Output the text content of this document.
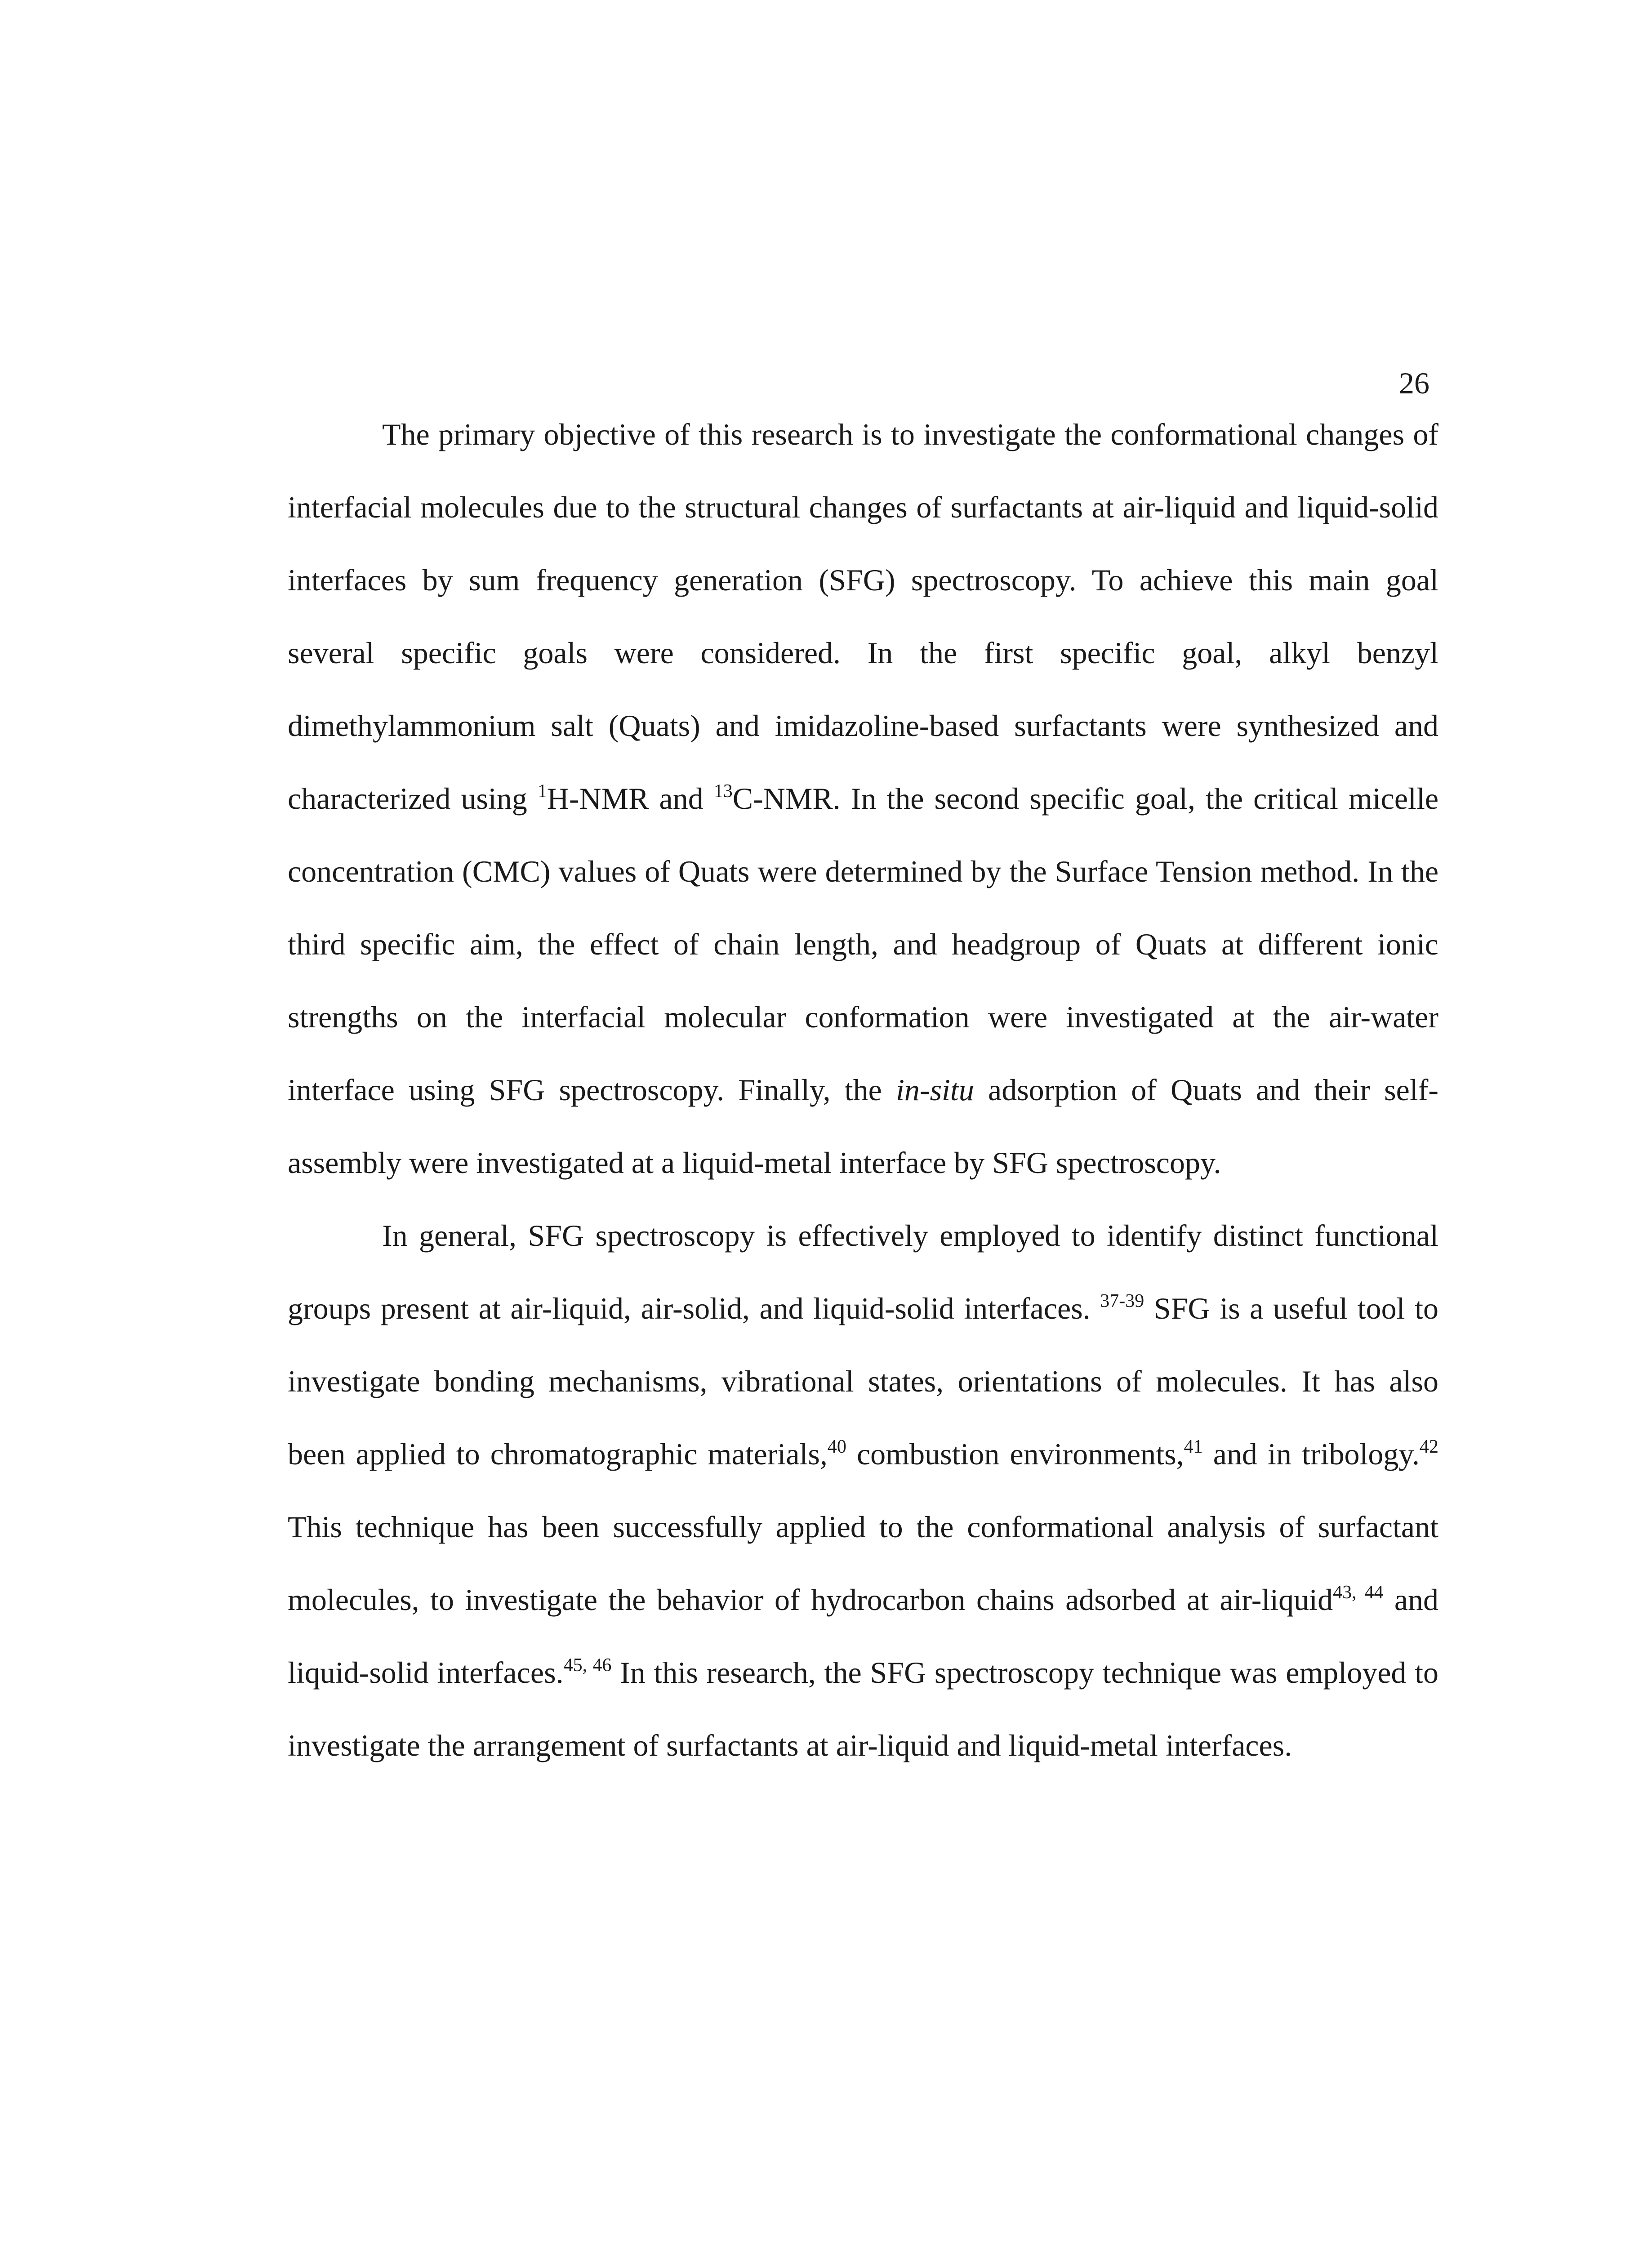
26

The primary objective of this research is to investigate the conformational changes of interfacial molecules due to the structural changes of surfactants at air-liquid and liquid-solid interfaces by sum frequency generation (SFG) spectroscopy. To achieve this main goal several specific goals were considered. In the first specific goal, alkyl benzyl dimethylammonium salt (Quats) and imidazoline-based surfactants were synthesized and characterized using $^1$H-NMR and $^{13}$C-NMR. In the second specific goal, the critical micelle concentration (CMC) values of Quats were determined by the Surface Tension method. In the third specific aim, the effect of chain length, and headgroup of Quats at different ionic strengths on the interfacial molecular conformation were investigated at the air-water interface using SFG spectroscopy. Finally, the in-situ adsorption of Quats and their self-assembly were investigated at a liquid-metal interface by SFG spectroscopy.

In general, SFG spectroscopy is effectively employed to identify distinct functional groups present at air-liquid, air-solid, and liquid-solid interfaces. $^{37-39}$ SFG is a useful tool to investigate bonding mechanisms, vibrational states, orientations of molecules. It has also been applied to chromatographic materials,$^{40}$ combustion environments,$^{41}$ and in tribology.$^{42}$ This technique has been successfully applied to the conformational analysis of surfactant molecules, to investigate the behavior of hydrocarbon chains adsorbed at air-liquid$^{43, 44}$ and liquid-solid interfaces.$^{45, 46}$ In this research, the SFG spectroscopy technique was employed to investigate the arrangement of surfactants at air-liquid and liquid-metal interfaces.
